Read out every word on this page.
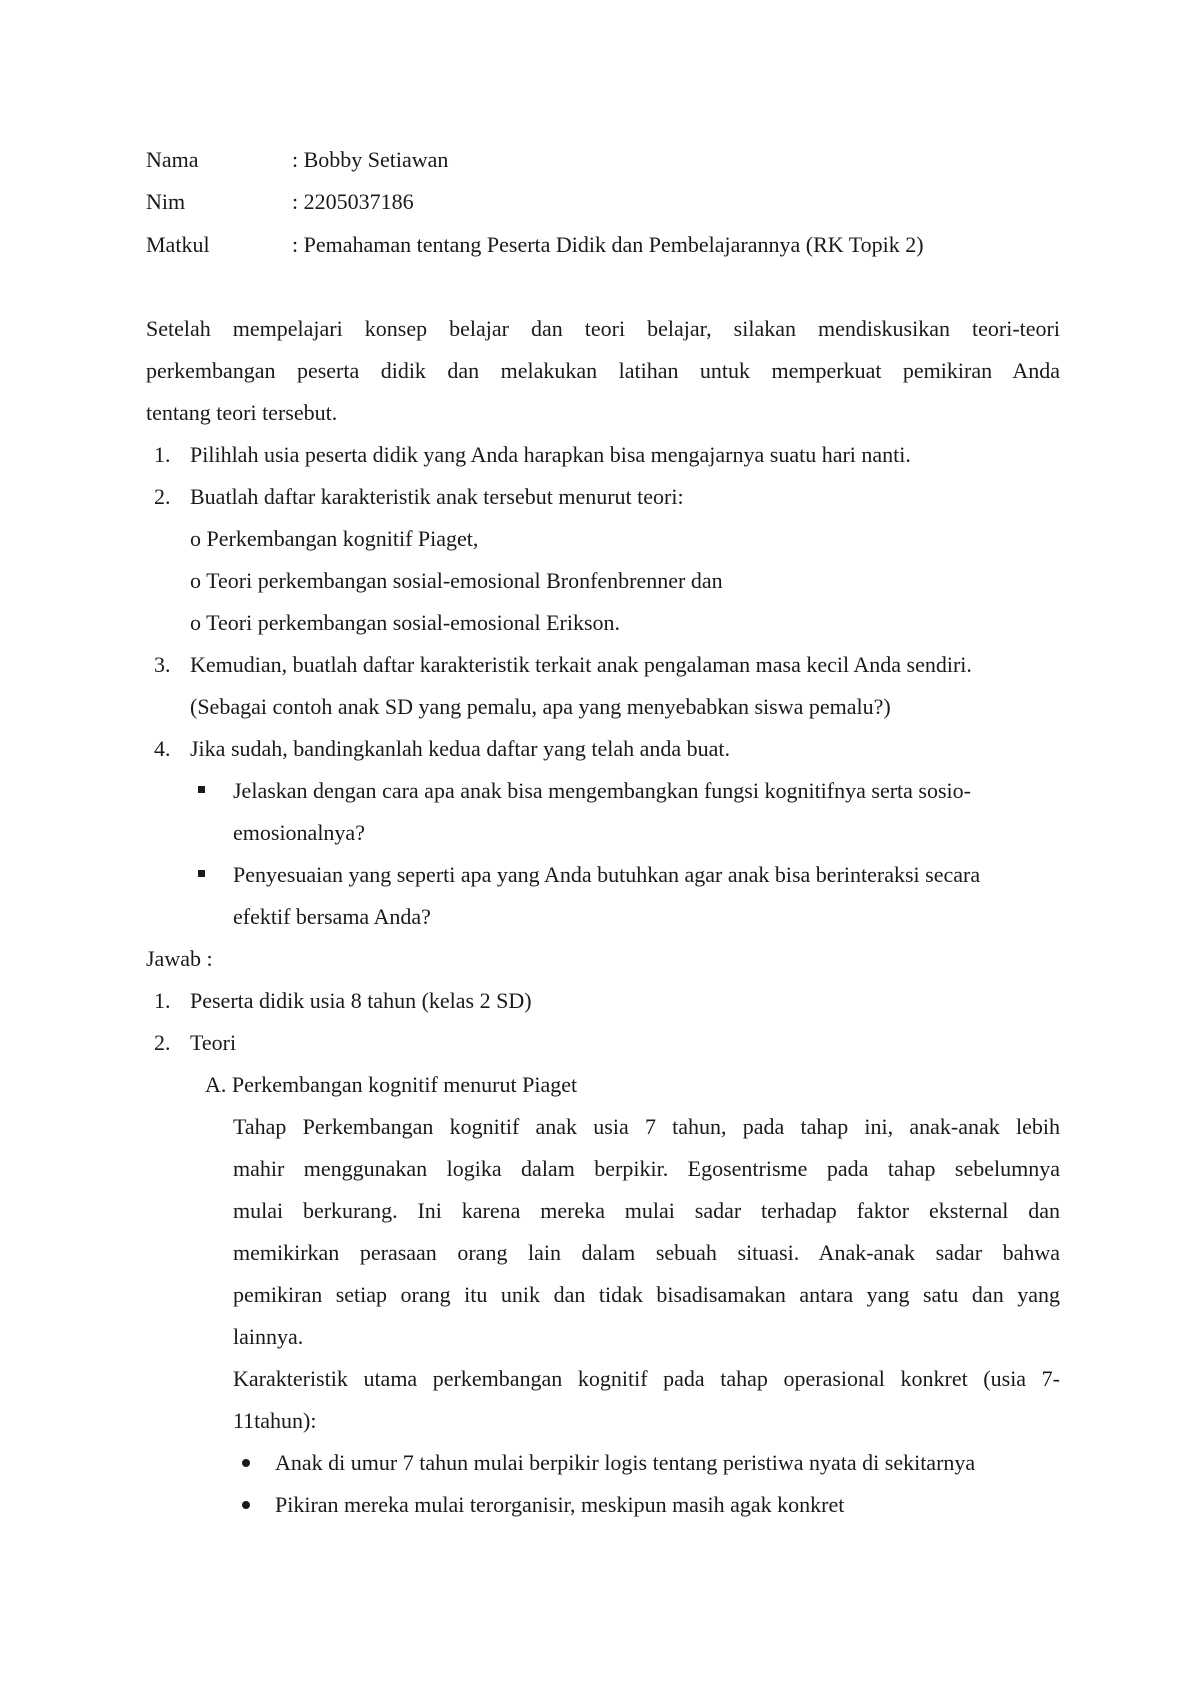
Nama	: Bobby Setiawan
Nim	: 2205037186
Matkul	: Pemahaman tentang Peserta Didik dan Pembelajarannya (RK Topik 2)
Setelah mempelajari konsep belajar dan teori belajar, silakan mendiskusikan teori-teori
perkembangan peserta didik dan melakukan latihan untuk memperkuat pemikiran Anda
tentang teori tersebut.
1. Pilihlah usia peserta didik yang Anda harapkan bisa mengajarnya suatu hari nanti.
2. Buatlah daftar karakteristik anak tersebut menurut teori:
o Perkembangan kognitif Piaget,
o Teori perkembangan sosial-emosional Bronfenbrenner dan
o Teori perkembangan sosial-emosional Erikson.
3. Kemudian, buatlah daftar karakteristik terkait anak pengalaman masa kecil Anda sendiri.
(Sebagai contoh anak SD yang pemalu, apa yang menyebabkan siswa pemalu?)
4. Jika sudah, bandingkanlah kedua daftar yang telah anda buat.
Jelaskan dengan cara apa anak bisa mengembangkan fungsi kognitifnya serta sosio-
emosionalnya?
Penyesuaian yang seperti apa yang Anda butuhkan agar anak bisa berinteraksi secara
efektif bersama Anda?
Jawab :
1. Peserta didik usia 8 tahun (kelas 2 SD)
2. Teori
A. Perkembangan kognitif menurut Piaget
Tahap Perkembangan kognitif anak usia 7 tahun, pada tahap ini, anak-anak lebih
mahir menggunakan logika dalam berpikir. Egosentrisme pada tahap sebelumnya
mulai berkurang. Ini karena mereka mulai sadar terhadap faktor eksternal dan
memikirkan perasaan orang lain dalam sebuah situasi. Anak-anak sadar bahwa
pemikiran setiap orang itu unik dan tidak bisadisamakan antara yang satu dan yang
lainnya.
Karakteristik utama perkembangan kognitif pada tahap operasional konkret (usia 7-
11tahun):
Anak di umur 7 tahun mulai berpikir logis tentang peristiwa nyata di sekitarnya
Pikiran mereka mulai terorganisir, meskipun masih agak konkret
